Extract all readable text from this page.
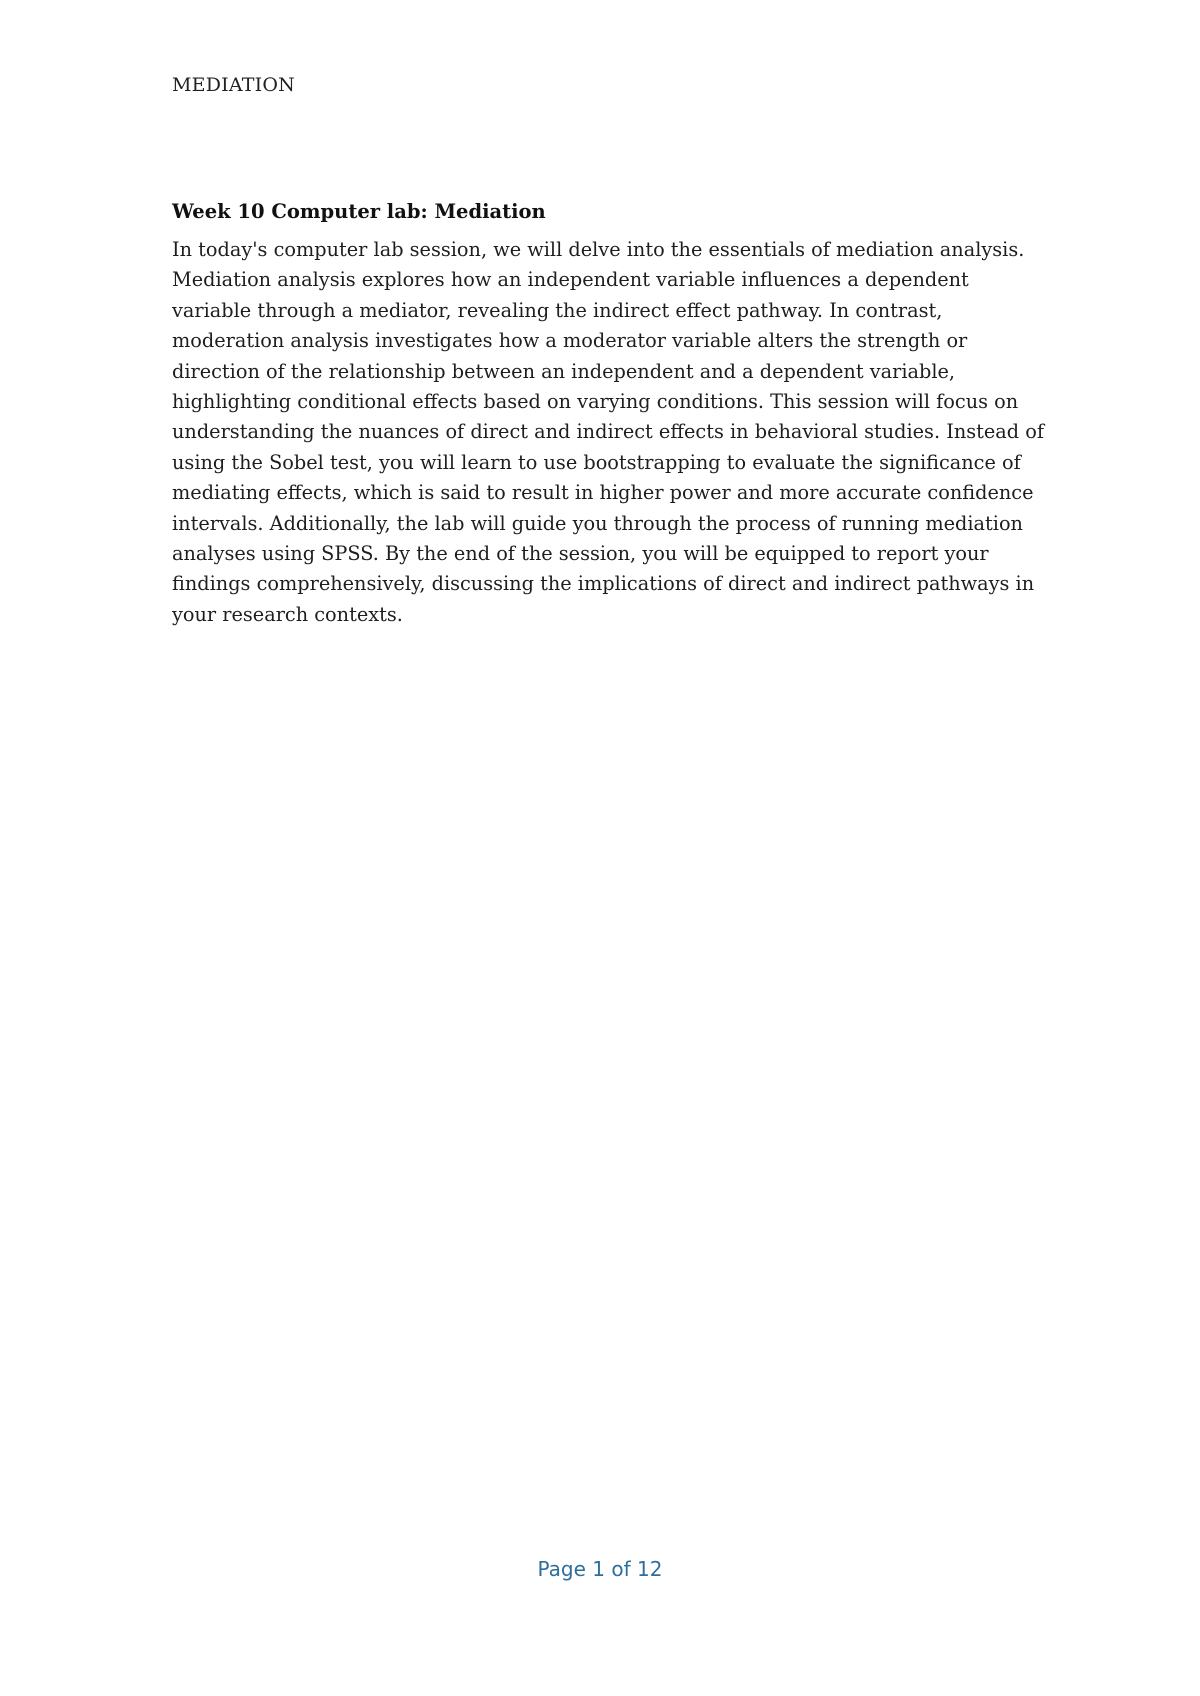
MEDIATION
Week 10 Computer lab: Mediation

In today's computer lab session, we will delve into the essentials of mediation analysis.
Mediation analysis explores how an independent variable influences a dependent
variable through a mediator, revealing the indirect effect pathway. In contrast,
moderation analysis investigates how a moderator variable alters the strength or
direction of the relationship between an independent and a dependent variable,
highlighting conditional effects based on varying conditions. This session will focus on
understanding the nuances of direct and indirect effects in behavioral studies. Instead of
using the Sobel test, you will learn to use bootstrapping to evaluate the significance of
mediating effects, which is said to result in higher power and more accurate confidence
intervals. Additionally, the lab will guide you through the process of running mediation
analyses using SPSS. By the end of the session, you will be equipped to report your
findings comprehensively, discussing the implications of direct and indirect pathways in
your research contexts.

Page 1 of 12
